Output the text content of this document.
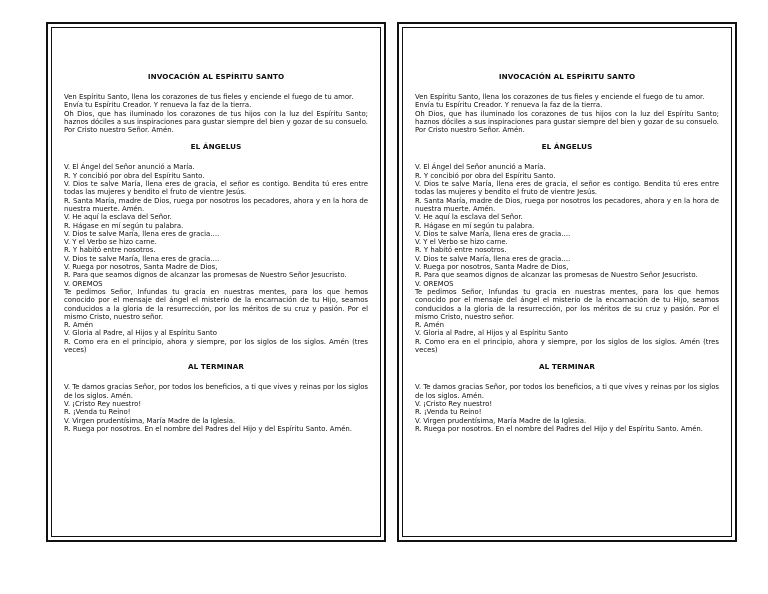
INVOCACIÓN AL ESPÍRITU SANTO
Ven Espíritu Santo, llena los corazones de tus fieles y enciende el fuego de tu amor.
Envía tu Espíritu Creador. Y renueva la faz de la tierra.
Oh Dios, que has iluminado los corazones de tus hijos con la luz del Espíritu Santo; haznos dóciles a sus inspiraciones para gustar siempre del bien y gozar de su consuelo. Por Cristo nuestro Señor. Amén.
EL ÁNGELUS
V. El Ángel del Señor anunció a María.
R. Y concibió por obra del Espíritu Santo.
V. Dios te salve María, llena eres de gracia, el señor es contigo. Bendita tú eres entre todas las mujeres y bendito el fruto de vientre Jesús.
R. Santa María, madre de Dios, ruega por nosotros los pecadores, ahora y en la hora de nuestra muerte. Amén.
V. He aquí la esclava del Señor.
R. Hágase en mí según tu palabra.
V. Dios te salve María, llena eres de gracia….
V. Y el Verbo se hizo carne.
R. Y habitó entre nosotros.
V. Dios te salve María, llena eres de gracia….
V. Ruega por nosotros, Santa Madre de Dios,
R. Para que seamos dignos de alcanzar las promesas de Nuestro Señor Jesucristo.
V. OREMOS
Te pedimos Señor, Infundas tu gracia en nuestras mentes, para los que hemos conocido por el mensaje del ángel el misterio de la encarnación de tu Hijo, seamos conducidos a la gloria de la resurrección, por los méritos de su cruz y pasión. Por el mismo Cristo, nuestro señor.
R. Amén
V. Gloria al Padre, al Hijos y al Espíritu Santo
R. Como era en el principio, ahora y siempre, por los siglos de los siglos. Amén (tres veces)
AL TERMINAR
V. Te damos gracias Señor, por todos los beneficios, a ti que vives y reinas por los siglos de los siglos. Amén.
V. ¡Cristo Rey nuestro!
R. ¡Venda tu Reino!
V. Virgen prudentísima, María Madre de la Iglesia.
R. Ruega por nosotros. En el nombre del Padres del Hijo y del Espíritu Santo. Amén.
INVOCACIÓN AL ESPÍRITU SANTO
Ven Espíritu Santo, llena los corazones de tus fieles y enciende el fuego de tu amor.
Envía tu Espíritu Creador. Y renueva la faz de la tierra.
Oh Dios, que has iluminado los corazones de tus hijos con la luz del Espíritu Santo; haznos dóciles a sus inspiraciones para gustar siempre del bien y gozar de su consuelo. Por Cristo nuestro Señor. Amén.
EL ÁNGELUS
V. El Ángel del Señor anunció a María.
R. Y concibió por obra del Espíritu Santo.
V. Dios te salve María, llena eres de gracia, el señor es contigo. Bendita tú eres entre todas las mujeres y bendito el fruto de vientre Jesús.
R. Santa María, madre de Dios, ruega por nosotros los pecadores, ahora y en la hora de nuestra muerte. Amén.
V. He aquí la esclava del Señor.
R. Hágase en mí según tu palabra.
V. Dios te salve María, llena eres de gracia….
V. Y el Verbo se hizo carne.
R. Y habitó entre nosotros.
V. Dios te salve María, llena eres de gracia….
V. Ruega por nosotros, Santa Madre de Dios,
R. Para que seamos dignos de alcanzar las promesas de Nuestro Señor Jesucristo.
V. OREMOS
Te pedimos Señor, Infundas tu gracia en nuestras mentes, para los que hemos conocido por el mensaje del ángel el misterio de la encarnación de tu Hijo, seamos conducidos a la gloria de la resurrección, por los méritos de su cruz y pasión. Por el mismo Cristo, nuestro señor.
R. Amén
V. Gloria al Padre, al Hijos y al Espíritu Santo
R. Como era en el principio, ahora y siempre, por los siglos de los siglos. Amén (tres veces)
AL TERMINAR
V. Te damos gracias Señor, por todos los beneficios, a ti que vives y reinas por los siglos de los siglos. Amén.
V. ¡Cristo Rey nuestro!
R. ¡Venda tu Reino!
V. Virgen prudentísima, María Madre de la Iglesia.
R. Ruega por nosotros. En el nombre del Padres del Hijo y del Espíritu Santo. Amén.
